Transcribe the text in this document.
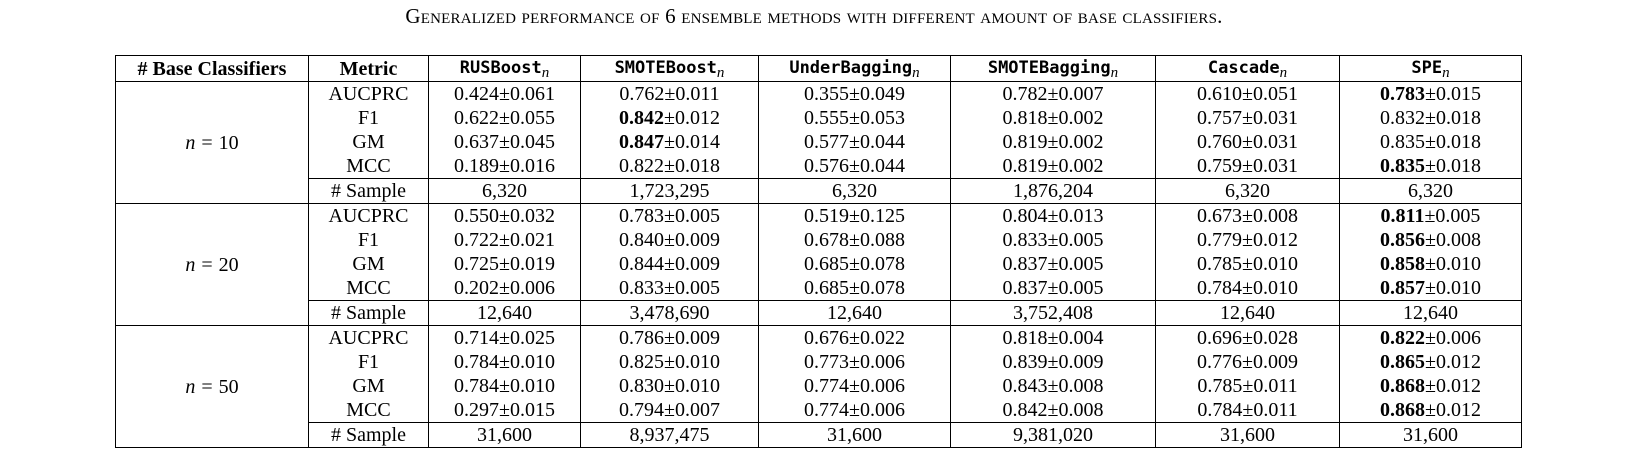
Generalized performance of 6 ensemble methods with different amount of base classifiers.
# Base Classifiers	Metric	RUSBoostn	SMOTEBoostn	UnderBaggingn	SMOTEBaggingn	Cascaden	SPEn
n = 10	AUCPRC	0.424±0.061	0.762±0.011	0.355±0.049	0.782±0.007	0.610±0.051	0.783±0.015
	F1	0.622±0.055	0.842±0.012	0.555±0.053	0.818±0.002	0.757±0.031	0.832±0.018
	GM	0.637±0.045	0.847±0.014	0.577±0.044	0.819±0.002	0.760±0.031	0.835±0.018
	MCC	0.189±0.016	0.822±0.018	0.576±0.044	0.819±0.002	0.759±0.031	0.835±0.018
	# Sample	6,320	1,723,295	6,320	1,876,204	6,320	6,320
n = 20	AUCPRC	0.550±0.032	0.783±0.005	0.519±0.125	0.804±0.013	0.673±0.008	0.811±0.005
	F1	0.722±0.021	0.840±0.009	0.678±0.088	0.833±0.005	0.779±0.012	0.856±0.008
	GM	0.725±0.019	0.844±0.009	0.685±0.078	0.837±0.005	0.785±0.010	0.858±0.010
	MCC	0.202±0.006	0.833±0.005	0.685±0.078	0.837±0.005	0.784±0.010	0.857±0.010
	# Sample	12,640	3,478,690	12,640	3,752,408	12,640	12,640
n = 50	AUCPRC	0.714±0.025	0.786±0.009	0.676±0.022	0.818±0.004	0.696±0.028	0.822±0.006
	F1	0.784±0.010	0.825±0.010	0.773±0.006	0.839±0.009	0.776±0.009	0.865±0.012
	GM	0.784±0.010	0.830±0.010	0.774±0.006	0.843±0.008	0.785±0.011	0.868±0.012
	MCC	0.297±0.015	0.794±0.007	0.774±0.006	0.842±0.008	0.784±0.011	0.868±0.012
	# Sample	31,600	8,937,475	31,600	9,381,020	31,600	31,600
